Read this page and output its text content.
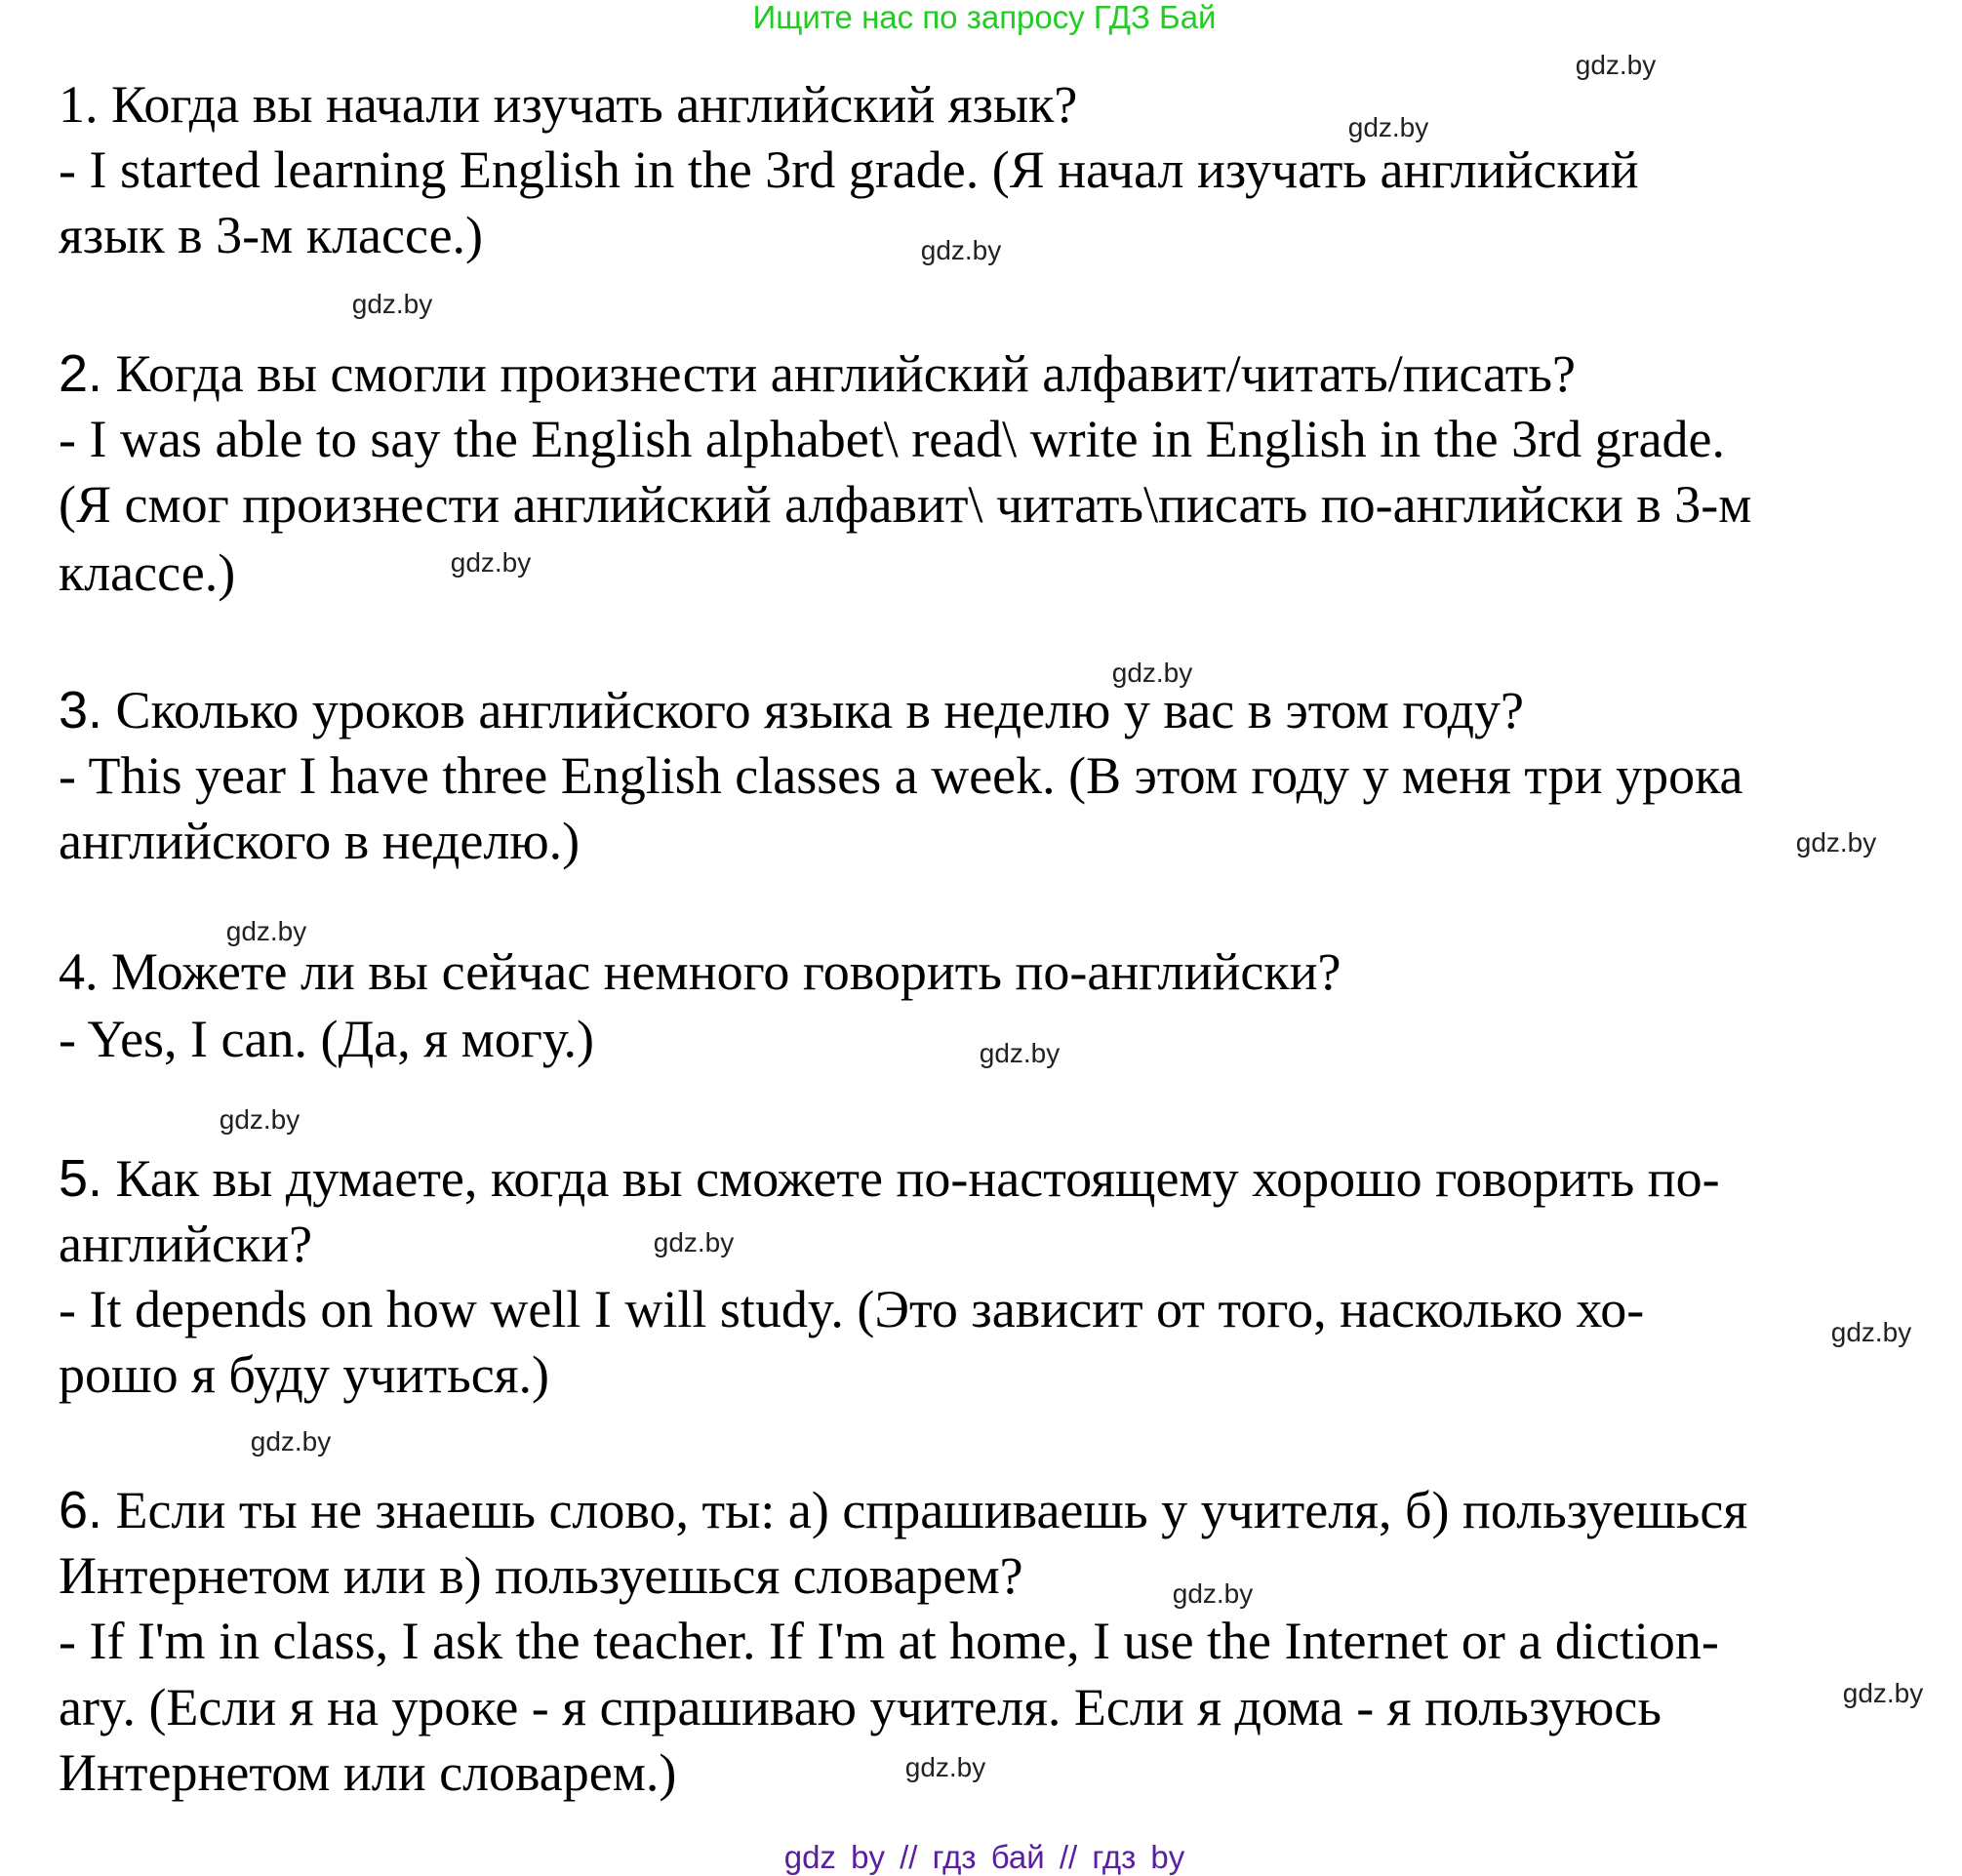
Ищите нас по запросу ГДЗ Бай
1. Когда вы начали изучать английский язык?
- I started learning English in the 3rd grade. (Я начал изучать английский
язык в 3-м классе.)
2. Когда вы смогли произнести английский алфавит/читать/писать?
- I was able to say the English alphabet\ read\ write in English in the 3rd grade.
(Я смог произнести английский алфавит\ читать\писать по-английски в 3-м
классе.)
3. Сколько уроков английского языка в неделю у вас в этом году?
- This year I have three English classes a week. (В этом году у меня три урока
английского в неделю.)
4. Можете ли вы сейчас немного говорить по-английски?
- Yes, I can. (Да, я могу.)
5. Как вы думаете, когда вы сможете по-настоящему хорошо говорить по-
английски?
- It depends on how well I will study. (Это зависит от того, насколько хо-
рошо я буду учиться.)
6. Если ты не знаешь слово, ты: а) спрашиваешь у учителя, б) пользуешься
Интернетом или в) пользуешься словарем?
- If I'm in class, I ask the teacher. If I'm at home, I use the Internet or a diction-
ary. (Если я на уроке - я спрашиваю учителя. Если я дома - я пользуюсь
Интернетом или словарем.)
gdz.by
gdz.by
gdz.by
gdz.by
gdz.by
gdz.by
gdz.by
gdz.by
gdz.by
gdz.by
gdz.by
gdz.by
gdz.by
gdz.by
gdz.by
gdz.by
gdz by // гдз бай // гдз by
